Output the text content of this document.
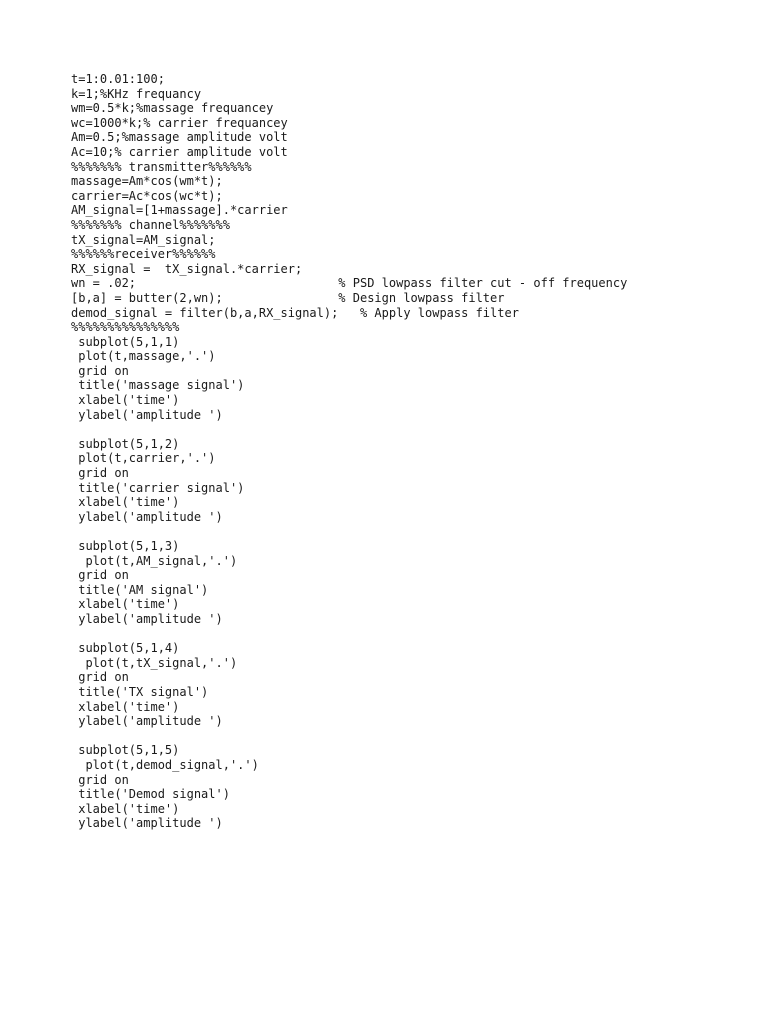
t=1:0.01:100;
k=1;%KHz frequancy
wm=0.5*k;%massage frequancey
wc=1000*k;% carrier frequancey
Am=0.5;%massage amplitude volt
Ac=10;% carrier amplitude volt
%%%%%%% transmitter%%%%%%
massage=Am*cos(wm*t);
carrier=Ac*cos(wc*t);
AM_signal=[1+massage].*carrier
%%%%%%% channel%%%%%%%
tX_signal=AM_signal;
%%%%%%receiver%%%%%%
RX_signal =  tX_signal.*carrier;
wn = .02;                            % PSD lowpass filter cut - off frequency
[b,a] = butter(2,wn);                % Design lowpass filter
demod_signal = filter(b,a,RX_signal);   % Apply lowpass filter
%%%%%%%%%%%%%%%
subplot(5,1,1)
plot(t,massage,'.')
grid on
title('massage signal')
xlabel('time')
ylabel('amplitude ')
subplot(5,1,2)
plot(t,carrier,'.')
grid on
title('carrier signal')
xlabel('time')
ylabel('amplitude ')
subplot(5,1,3)
plot(t,AM_signal,'.')
grid on
title('AM signal')
xlabel('time')
ylabel('amplitude ')
subplot(5,1,4)
plot(t,tX_signal,'.')
grid on
title('TX signal')
xlabel('time')
ylabel('amplitude ')
subplot(5,1,5)
plot(t,demod_signal,'.')
grid on
title('Demod signal')
xlabel('time')
ylabel('amplitude ')
